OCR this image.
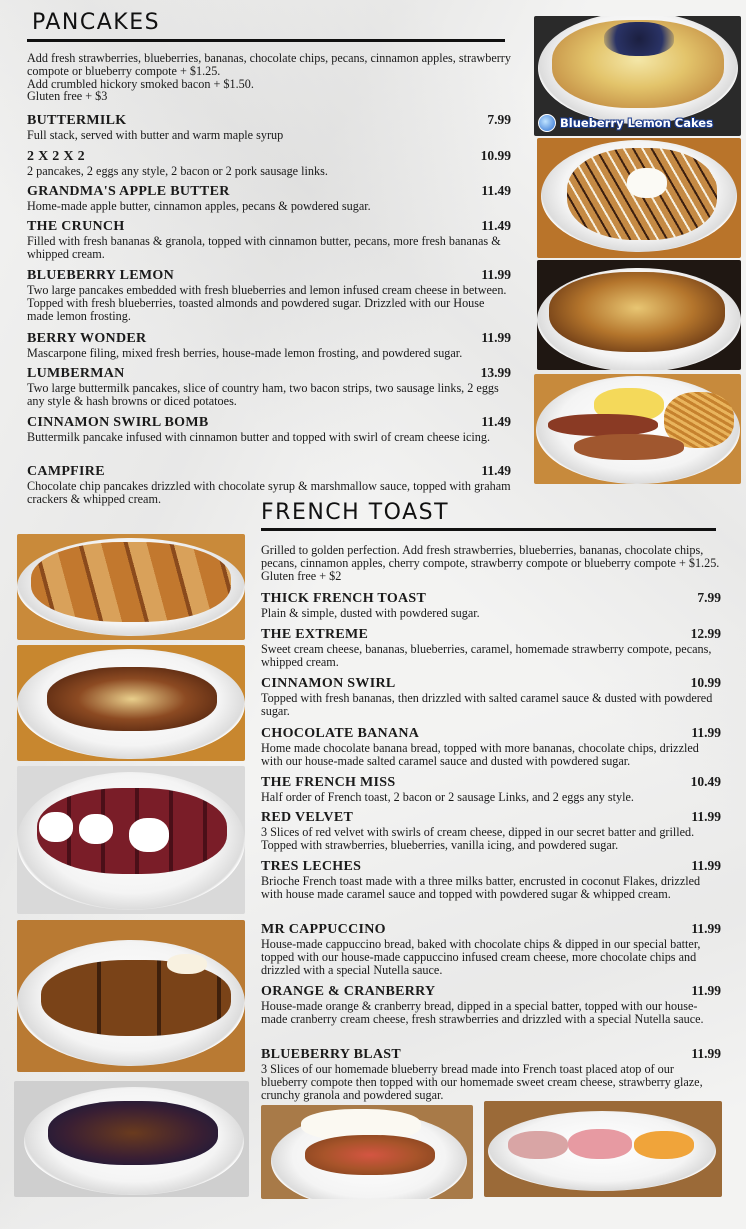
PANCAKES
Add fresh strawberries, blueberries, bananas, chocolate chips, pecans, cinnamon apples, strawberry compote or blueberry compote + $1.25.
Add crumbled hickory smoked bacon + $1.50.
Gluten free + $3
BUTTERMILK	7.99
Full stack, served with butter and warm maple syrup
2 X 2 X 2	10.99
2 pancakes, 2 eggs any style, 2 bacon or 2 pork sausage links.
GRANDMA'S APPLE BUTTER	11.49
Home-made apple butter, cinnamon apples, pecans & powdered sugar.
THE CRUNCH	11.49
Filled with fresh bananas & granola, topped with cinnamon butter, pecans, more fresh bananas & whipped cream.
BLUEBERRY LEMON	11.99
Two large pancakes embedded with fresh blueberries and lemon infused cream cheese in between. Topped with fresh blueberries, toasted almonds and powdered sugar. Drizzled with our House made lemon frosting.
BERRY WONDER	11.99
Mascarpone filing, mixed fresh berries, house-made lemon frosting, and powdered sugar.
LUMBERMAN	13.99
Two large buttermilk pancakes, slice of country ham, two bacon strips, two sausage links, 2 eggs any style & hash browns or diced potatoes.
CINNAMON SWIRL BOMB	11.49
Buttermilk pancake infused with cinnamon butter and topped with swirl of cream cheese icing.
CAMPFIRE	11.49
Chocolate chip pancakes drizzled with chocolate syrup & marshmallow sauce, topped with graham crackers & whipped cream.
Blueberry Lemon Cakes
FRENCH TOAST
Grilled to golden perfection. Add fresh strawberries, blueberries, bananas, chocolate chips, pecans, cinnamon apples, cherry compote, strawberry compote or blueberry compote + $1.25. Gluten free + $2
THICK FRENCH TOAST	7.99
Plain & simple, dusted with powdered sugar.
THE EXTREME	12.99
Sweet cream cheese, bananas, blueberries, caramel, homemade strawberry compote, pecans, whipped cream.
CINNAMON SWIRL	10.99
Topped with fresh bananas, then drizzled with salted caramel sauce & dusted with powdered sugar.
CHOCOLATE BANANA	11.99
Home made chocolate banana bread, topped with more bananas, chocolate chips, drizzled with our house-made salted caramel sauce and dusted with powdered sugar.
THE FRENCH MISS	10.49
Half order of French toast, 2 bacon or 2 sausage Links, and 2 eggs any style.
RED VELVET	11.99
3 Slices of red velvet with swirls of cream cheese, dipped in our secret batter and grilled. Topped with strawberries, blueberries, vanilla icing, and powdered sugar.
TRES LECHES	11.99
Brioche French toast made with a three milks batter, encrusted in coconut Flakes, drizzled with house made caramel sauce and topped with powdered sugar & whipped cream.
MR CAPPUCCINO	11.99
House-made cappuccino bread, baked with chocolate chips & dipped in our special batter, topped with our house-made cappuccino infused cream cheese, more chocolate chips and drizzled with a special Nutella sauce.
ORANGE & CRANBERRY	11.99
House-made orange & cranberry bread, dipped in a special batter, topped with our house-made cranberry cream cheese, fresh strawberries and drizzled with a special Nutella sauce.
BLUEBERRY BLAST	11.99
3 Slices of our homemade blueberry bread made into French toast placed atop of our blueberry compote then topped with our homemade sweet cream cheese, strawberry glaze, crunchy granola and powdered sugar.
